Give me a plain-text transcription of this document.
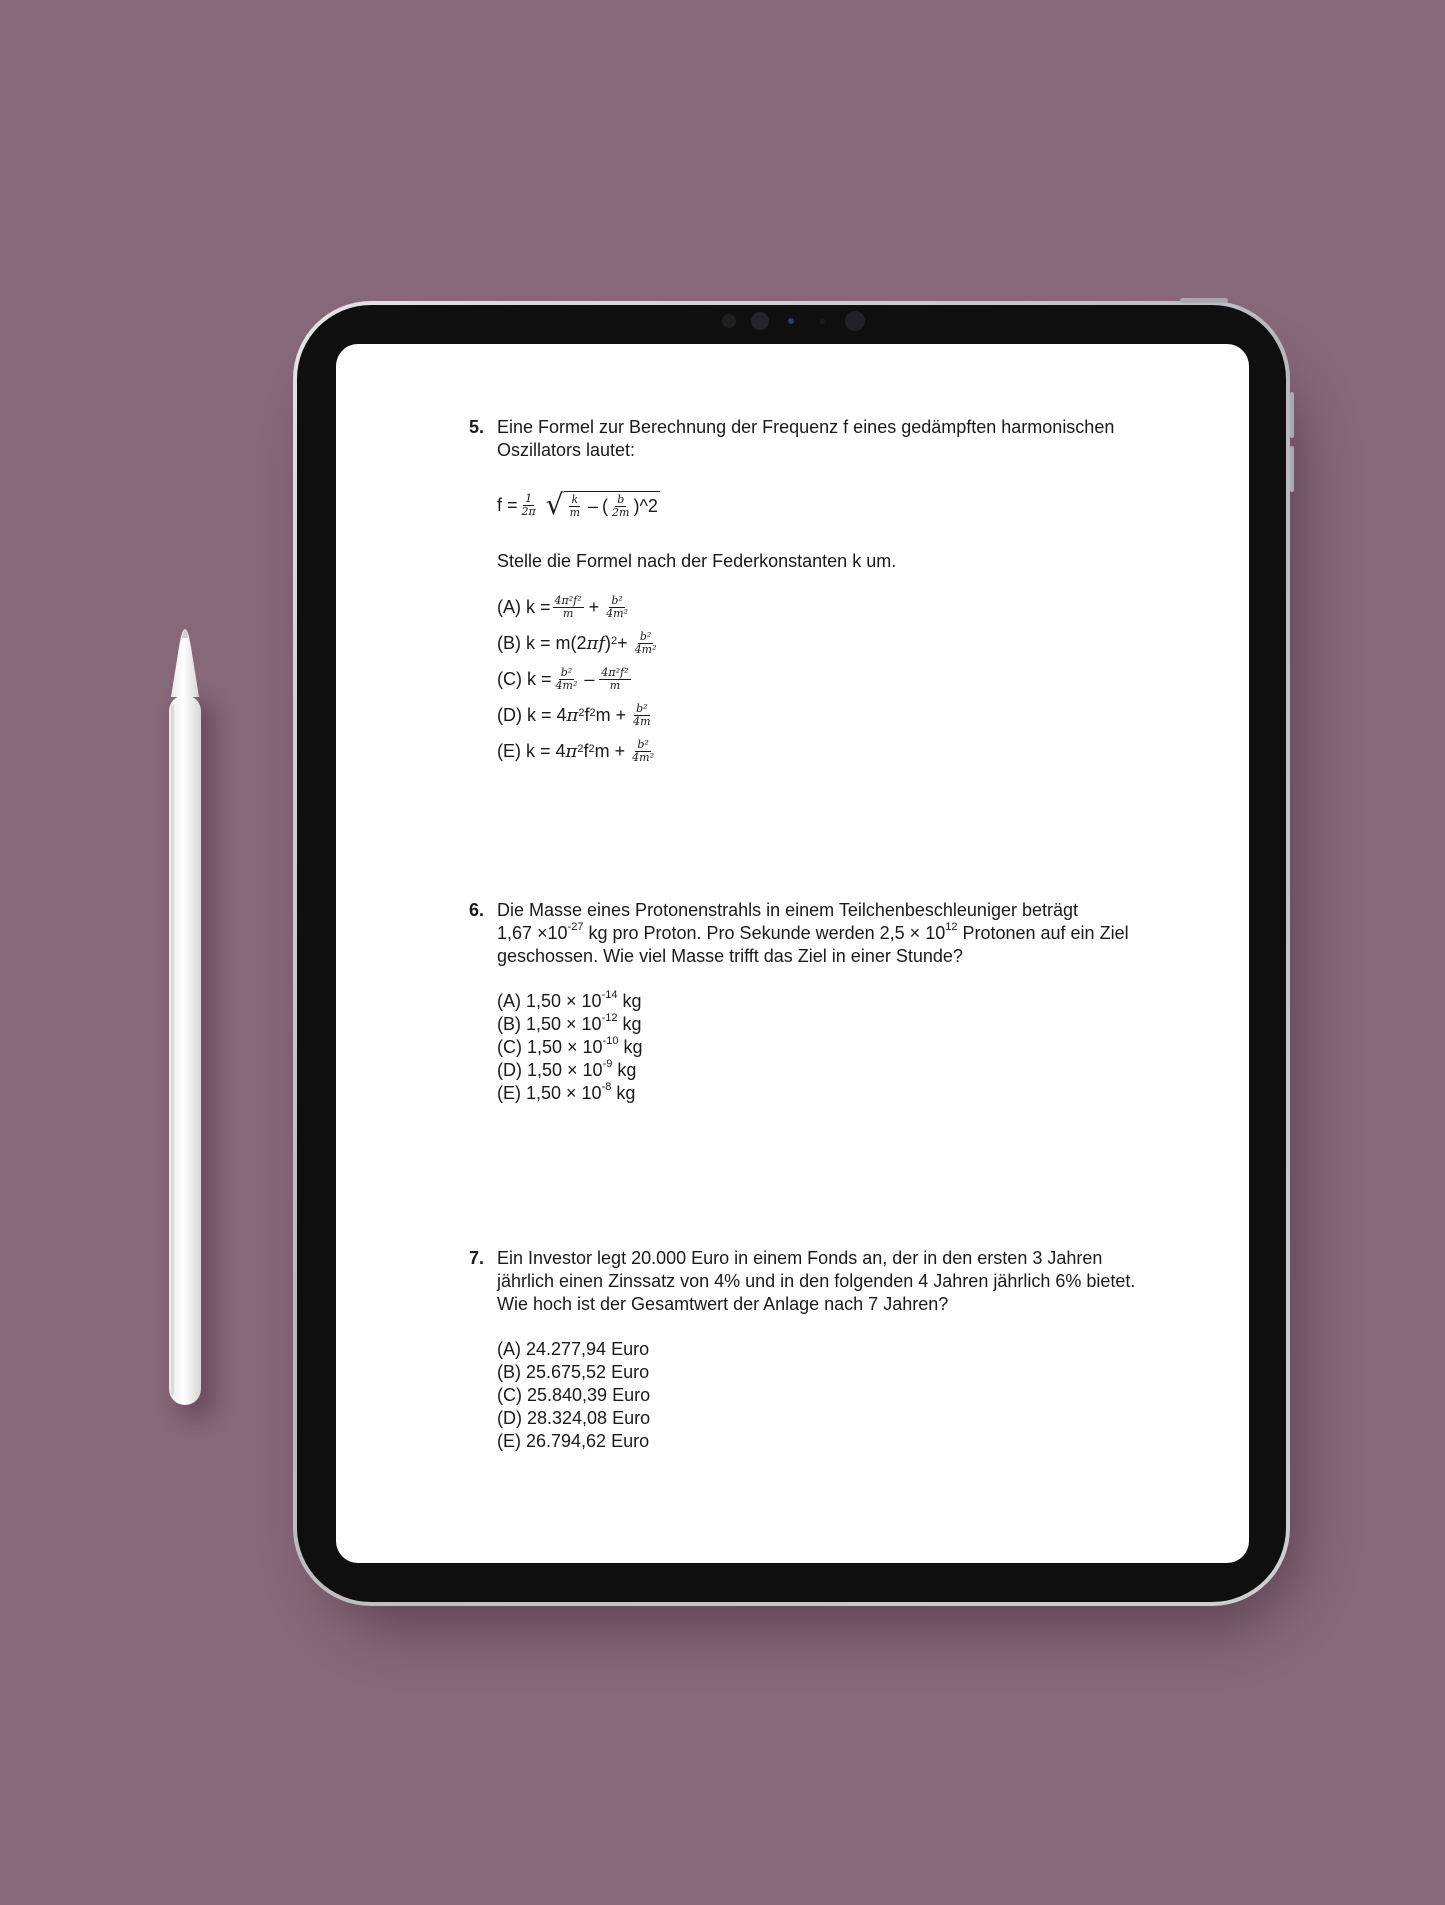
5. Eine Formel zur Berechnung der Frequenz f eines gedämpften harmonischen
Oszillators lautet:
$f = \frac{1}{2\pi}$ √ $\frac{k}{m}$ – ( $\frac{b}{2m}$ )^2
Stelle die Formel nach der Federkonstanten k um.
(A) $k = \frac{\text{4π²f²}}{m} + \frac{\text{b²}}{\text{4m²}}$
(B) k = m(2 πf )$^2 + \frac{\text{b²}}{\text{4m²}}$
(C) $k = \frac{\text{b²}}{\text{4m²}} - \frac{\text{4π²f²}}{m}$
(D) k = 4 $\pi^2$ $f^2$ $m + \frac{\text{b²}}{4m}$
(E) k = 4 $\pi^2$ $f^2$ $m + \frac{\text{b²}}{\text{4m²}}$
6. Die Masse eines Protonenstrahls in einem Teilchenbeschleuniger beträgt
$1,67 \times 10^{-27}$ kg pro Proton. Pro Sekunde werden $2,5 \times 10^{12}$ Protonen auf ein Ziel
geschossen. Wie viel Masse trifft das Ziel in einer Stunde?
(A) $1,50 \times 10^{-14}$ kg
(B) $1,50 \times 10^{-12}$ kg
(C) $1,50 \times 10^{-10}$ kg
(D) $1,50 \times 10^{-9}$ kg
(E) $1,50 \times 10^{-8}$ kg
7. Ein Investor legt 20.000 Euro in einem Fonds an, der in den ersten 3 Jahren
jährlich einen Zinssatz von 4% und in den folgenden 4 Jahren jährlich 6% bietet.
Wie hoch ist der Gesamtwert der Anlage nach 7 Jahren?
(A) 24.277,94 Euro
(B) 25.675,52 Euro
(C) 25.840,39 Euro
(D) 28.324,08 Euro
(E) 26.794,62 Euro
